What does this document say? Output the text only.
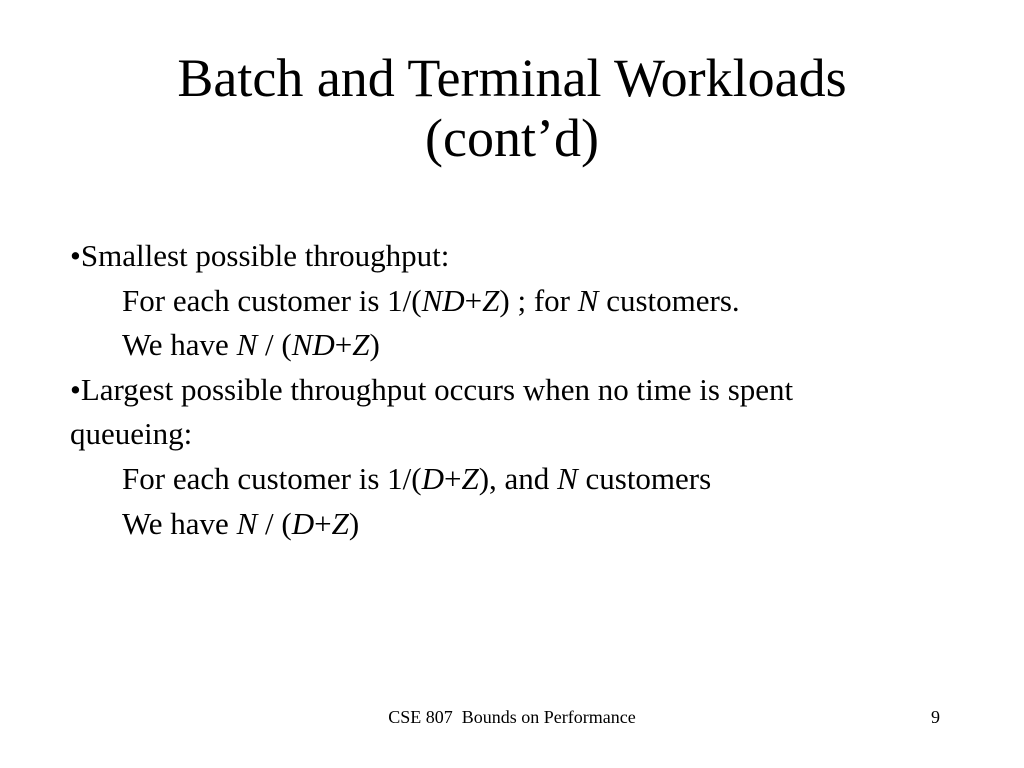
Batch and Terminal Workloads
(cont’d)
•Smallest possible throughput:
For each customer is 1/(ND+Z) ; for N customers.
We have N / (ND+Z)
•Largest possible throughput occurs when no time is spent
queueing:
For each customer is 1/(D+Z), and N customers
We have N / (D+Z)
CSE 807  Bounds on Performance	9
